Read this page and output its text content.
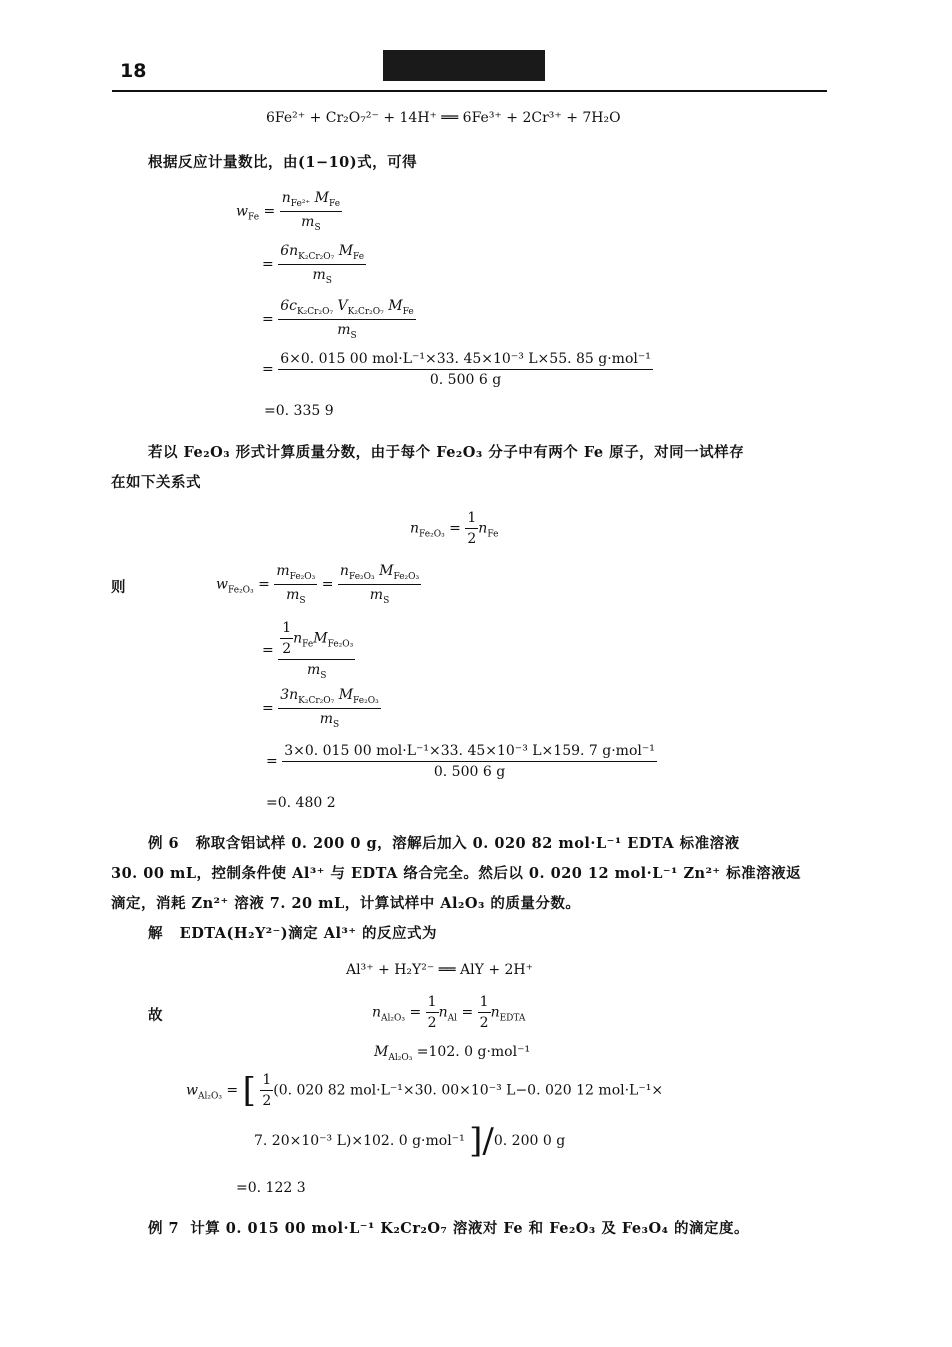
18
6Fe²⁺ + Cr₂O₇²⁻ + 14H⁺ ══ 6Fe³⁺ + 2Cr³⁺ + 7H₂O
根据反应计量数比，由(1−10)式，可得
$w_{Fe} = \frac{n_{Fe^{2+}} M_{Fe}}{m_S}$
= $\frac{6n_{K_2Cr_2O_7} M_{Fe}}{m_S}$
= $\frac{6c_{K_2Cr_2O_7} V_{K_2Cr_2O_7} M_{Fe}}{m_S}$
= $\frac{\text{6×0. 015 00 mol·L⁻¹×33. 45×10⁻³ L×55. 85 g·mol⁻¹}}{0. 500 6 g}$
=0. 335 9
若以 Fe₂O₃ 形式计算质量分数，由于每个 Fe₂O₃ 分子中有两个 Fe 原子，对同一试样存
在如下关系式
$n_{Fe_2O_3} = \frac{1}{2} n_{Fe}$
则	$w_{Fe_2O_3} = \frac{m_{Fe_2O_3}}{m_S} = \frac{n_{Fe_2O_3} M_{Fe_2O_3}}{m_S}$
= $\frac{\frac{1}{2} n_{Fe}M_{Fe_2O_3}}{m_S}$
= $\frac{3n_{K_2Cr_2O_7} M_{Fe_2O_3}}{m_S}$
= $\frac{\text{3×0. 015 00 mol·L⁻¹×33. 45×10⁻³ L×159. 7 g·mol⁻¹}}{0. 500 6 g}$
=0. 480 2
例 6 称取含铝试样 0. 200 0 g，溶解后加入 0. 020 82 mol·L⁻¹ EDTA 标准溶液
30. 00 mL，控制条件使 Al³⁺ 与 EDTA 络合完全。然后以 0. 020 12 mol·L⁻¹ Zn²⁺ 标准溶液返
滴定，消耗 Zn²⁺ 溶液 7. 20 mL，计算试样中 Al₂O₃ 的质量分数。
解 EDTA(H₂Y²⁻)滴定 Al³⁺ 的反应式为
Al³⁺ + H₂Y²⁻ ══ AlY + 2H⁺
故	$n_{Al_2O_3} = \frac{1}{2} n_{Al} = \frac{1}{2} n_{EDTA}$
$M_{Al_2O_3} =102$. 0 g·mol⁻¹
$w_{Al_2O_3}$ = [ $\frac{1}{2} (0$. 020 82 mol·L⁻¹×30. 00×10⁻³ L−0. 020 12 mol·L⁻¹×
7. 20×10⁻³ L)×102. 0 g·mol⁻¹ ]/0. 200 0 g
=0. 122 3
例 7 计算 0. 015 00 mol·L⁻¹ K₂Cr₂O₇ 溶液对 Fe 和 Fe₂O₃ 及 Fe₃O₄ 的滴定度。
